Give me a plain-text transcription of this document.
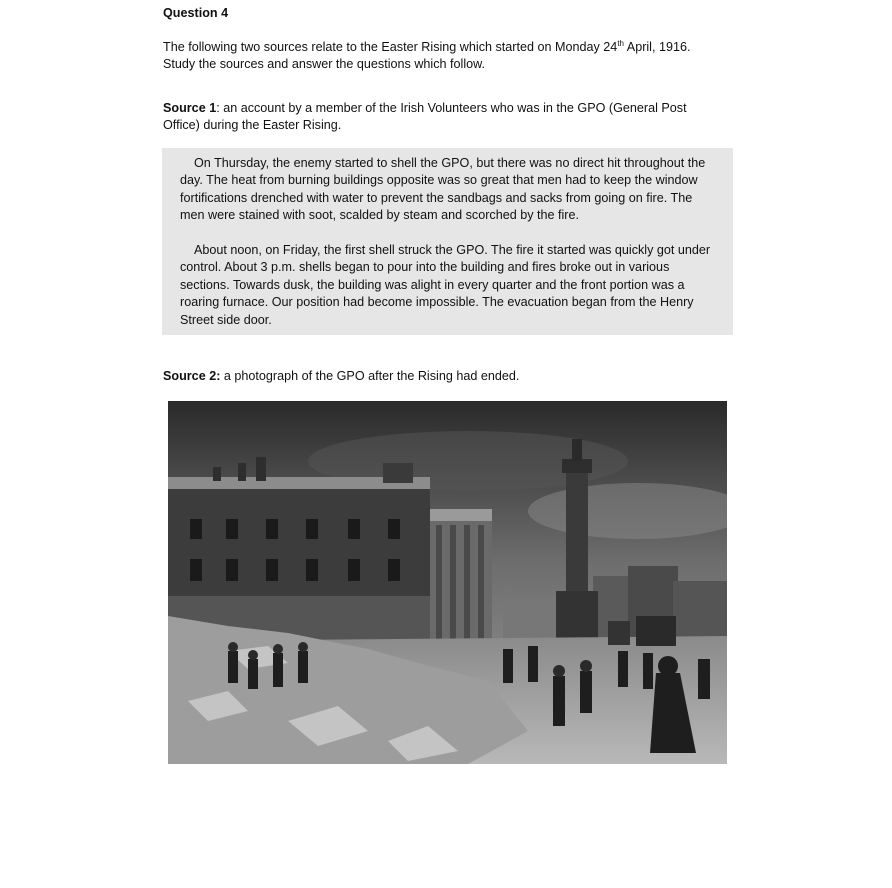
Question 4
The following two sources relate to the Easter Rising which started on Monday 24th April, 1916.
Study the sources and answer the questions which follow.
Source 1: an account by a member of the Irish Volunteers who was in the GPO (General Post Office) during the Easter Rising.
On Thursday, the enemy started to shell the GPO, but there was no direct hit throughout the day. The heat from burning buildings opposite was so great that men had to keep the window fortifications drenched with water to prevent the sandbags and sacks from going on fire. The men were stained with soot, scalded by steam and scorched by the fire.
About noon, on Friday, the first shell struck the GPO. The fire it started was quickly got under control. About 3 p.m. shells began to pour into the building and fires broke out in various sections. Towards dusk, the building was alight in every quarter and the front portion was a roaring furnace. Our position had become impossible. The evacuation began from the Henry Street side door.
Source 2: a photograph of the GPO after the Rising had ended.
